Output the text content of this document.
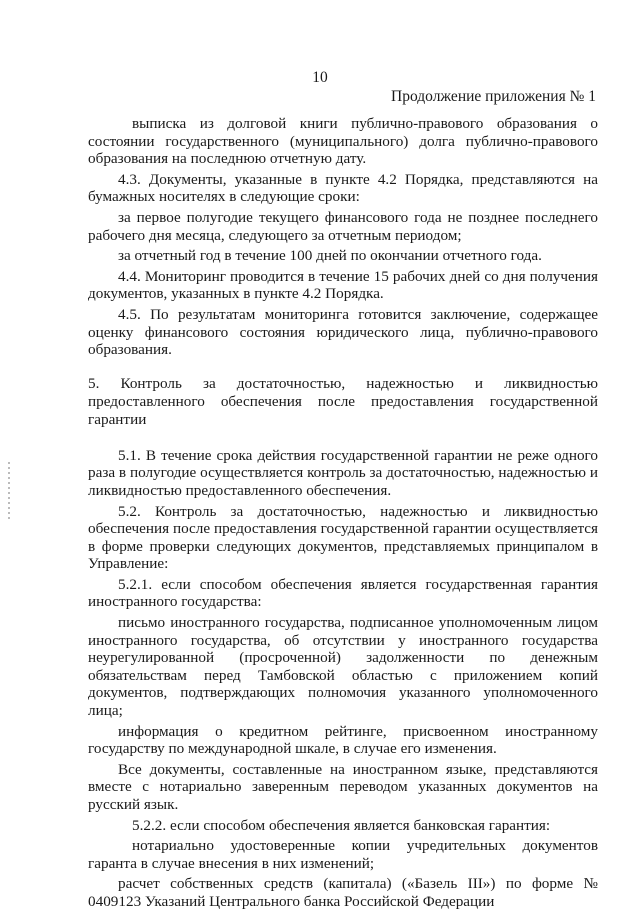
10
Продолжение приложения № 1

выписка из долговой книги публично-правового образования о состоянии государственного (муниципального) долга публично-правового образования на последнюю отчетную дату.

4.3. Документы, указанные в пункте 4.2 Порядка, представляются на бумажных носителях в следующие сроки:

за первое полугодие текущего финансового года не позднее последнего рабочего дня месяца, следующего за отчетным периодом;

за отчетный год в течение 100 дней по окончании отчетного года.

4.4. Мониторинг проводится в течение 15 рабочих дней со дня получения документов, указанных в пункте 4.2 Порядка.

4.5. По результатам мониторинга готовится заключение, содержащее оценку финансового состояния юридического лица, публично-правового образования.

5. Контроль за достаточностью, надежностью и ликвидностью предоставленного обеспечения после предоставления государственной гарантии

5.1. В течение срока действия государственной гарантии не реже одного раза в полугодие осуществляется контроль за достаточностью, надежностью и ликвидностью предоставленного обеспечения.

5.2. Контроль за достаточностью, надежностью и ликвидностью обеспечения после предоставления государственной гарантии осуществляется в форме проверки следующих документов, представляемых принципалом в Управление:

5.2.1. если способом обеспечения является государственная гарантия иностранного государства:

письмо иностранного государства, подписанное уполномоченным лицом иностранного государства, об отсутствии у иностранного государства неурегулированной (просроченной) задолженности по денежным обязательствам перед Тамбовской областью с приложением копий документов, подтверждающих полномочия указанного уполномоченного лица;

информация о кредитном рейтинге, присвоенном иностранному государству по международной шкале, в случае его изменения.

Все документы, составленные на иностранном языке, представляются вместе с нотариально заверенным переводом указанных документов на русский язык.

5.2.2. если способом обеспечения является банковская гарантия:

нотариально удостоверенные копии учредительных документов гаранта в случае внесения в них изменений;

расчет собственных средств (капитала) («Базель III») по форме № 0409123 Указаний Центрального банка Российской Федерации
